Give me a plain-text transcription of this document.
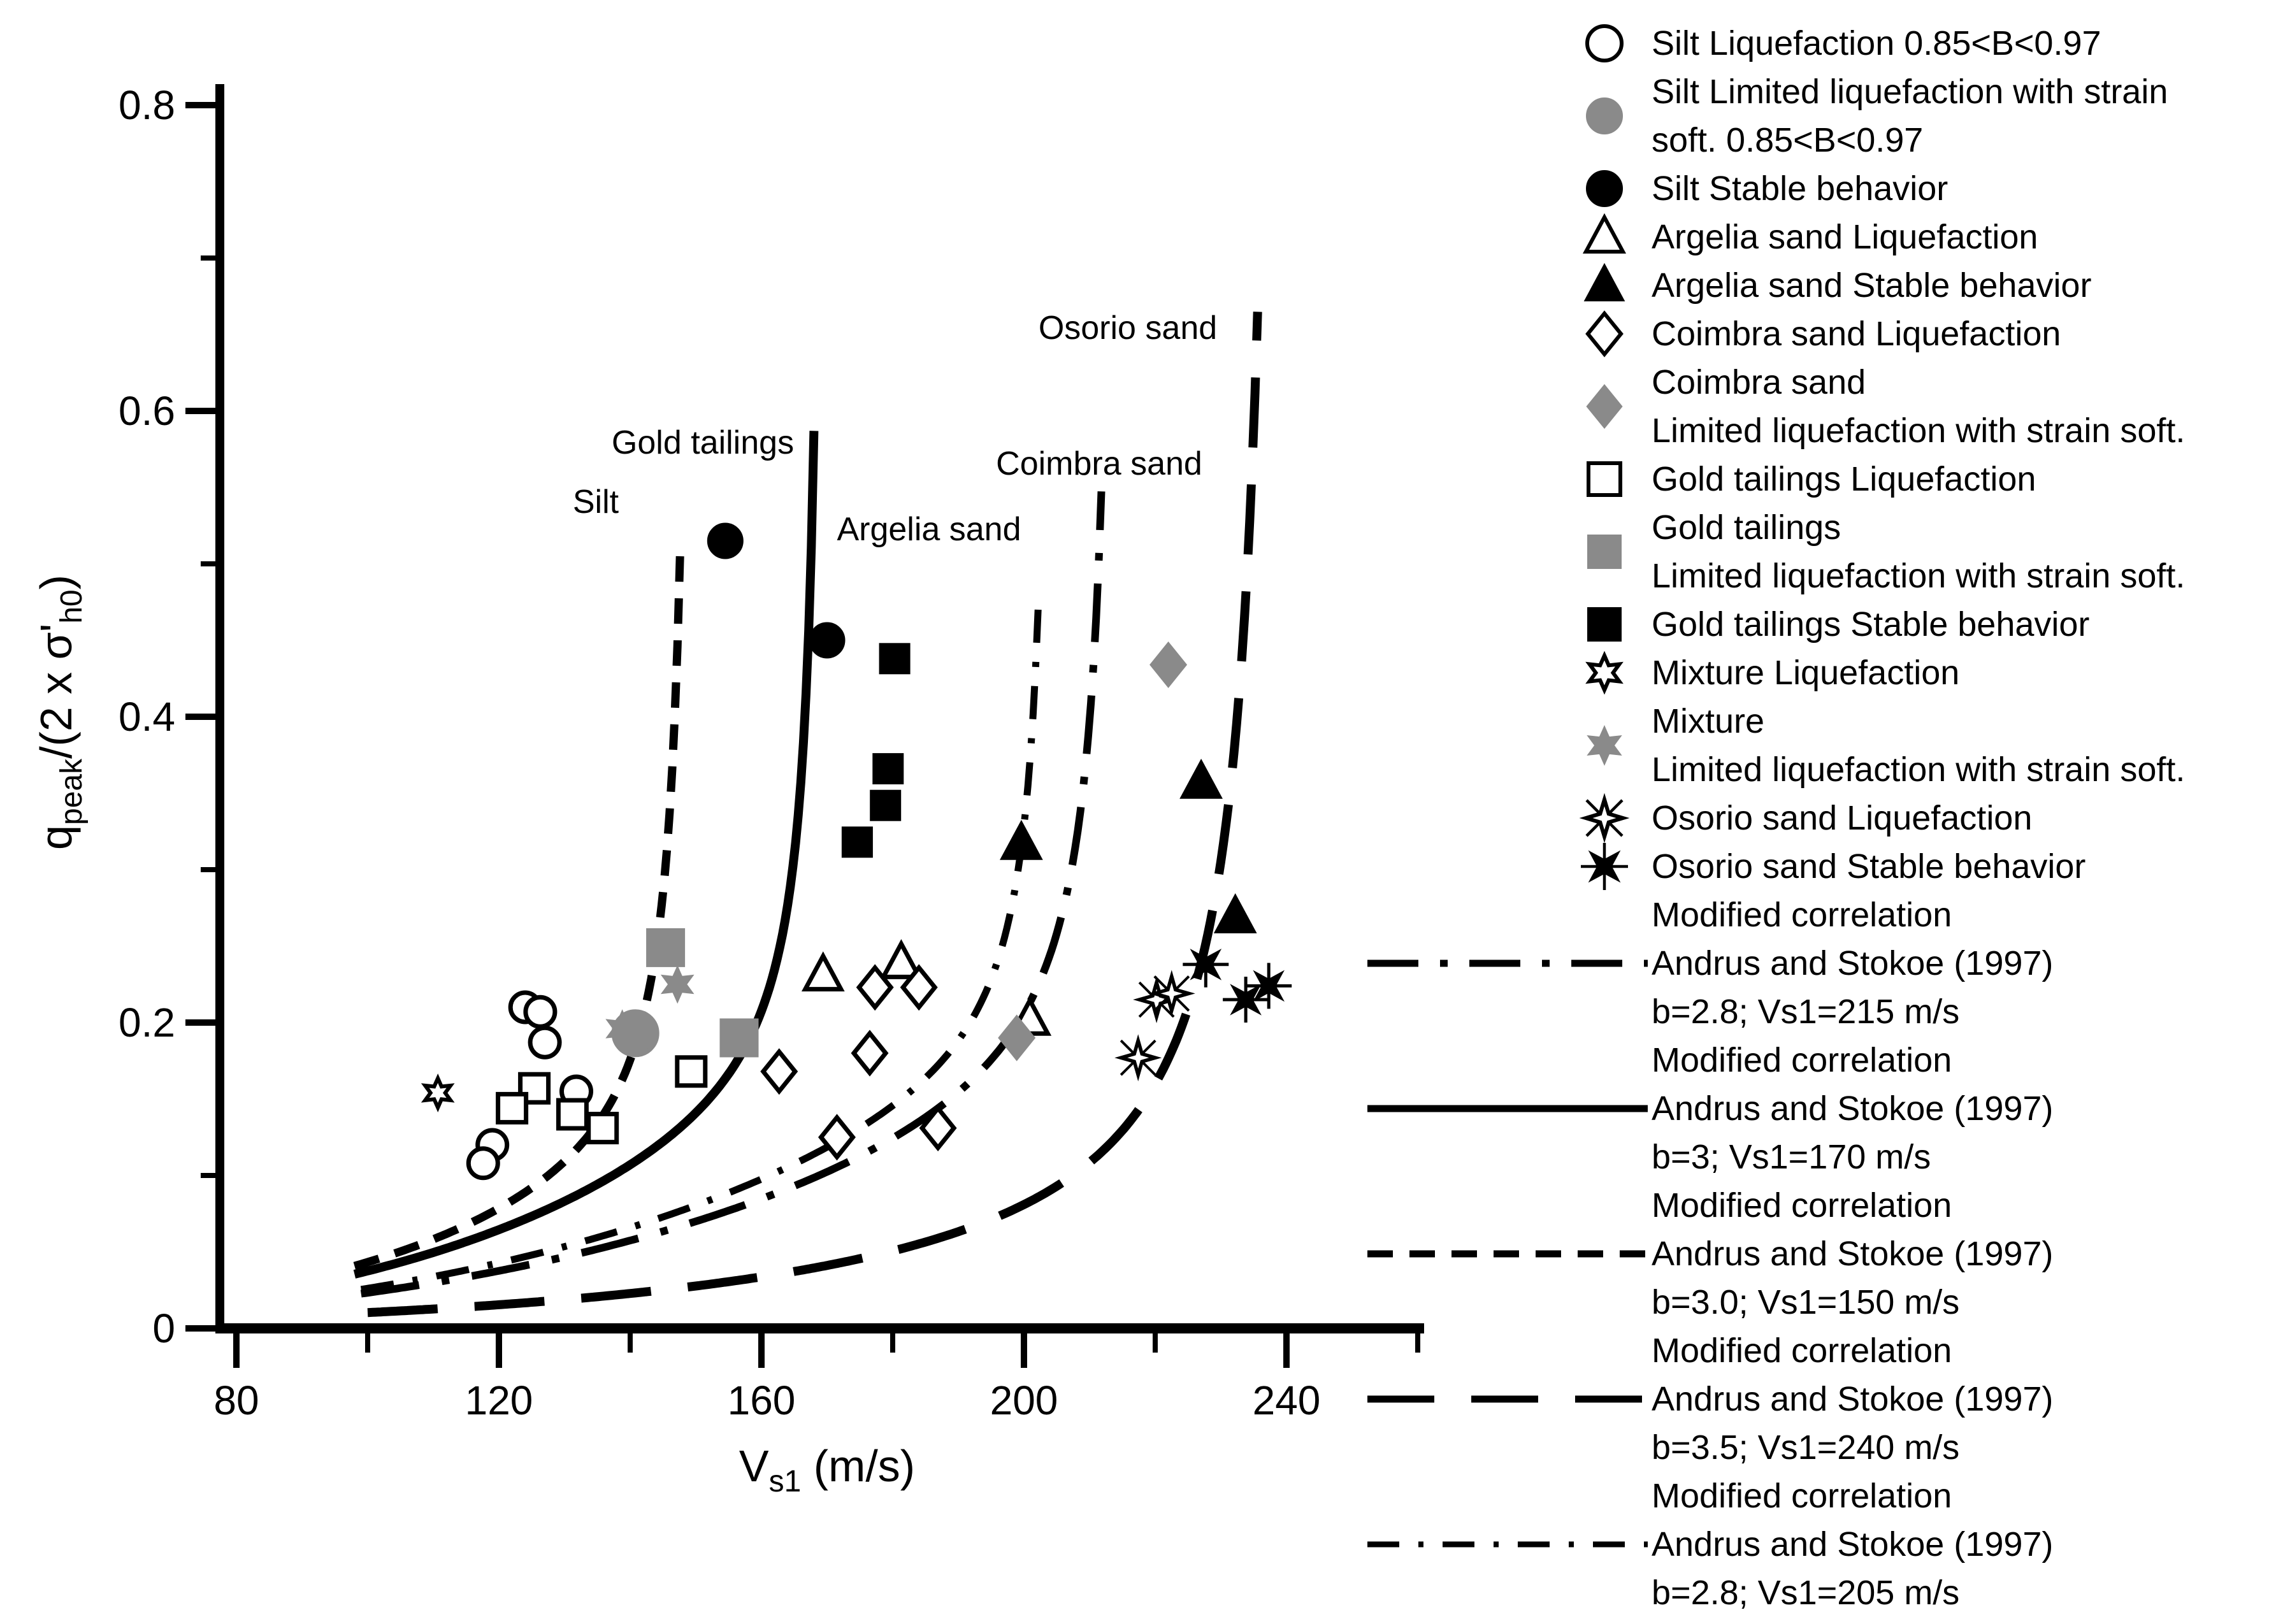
0
0.2
0.4
0.6
0.8
80	120	160	200	240
$V_{s1}$ (m/s)
$q_{peak}/(2$ x $\sigma'_{h0}$)
Silt
Gold tailings
Argelia sand
Coimbra sand
Osorio sand
Silt Liquefaction 0.85<B<0.97
Silt Limited liquefaction with strain
soft. 0.85<B<0.97
Silt Stable behavior
Argelia sand Liquefaction
Argelia sand Stable behavior
Coimbra sand Liquefaction
Coimbra sand
Limited liquefaction with strain soft.
Gold tailings Liquefaction
Gold tailings
Limited liquefaction with strain soft.
Gold tailings Stable behavior
Mixture Liquefaction
Mixture
Limited liquefaction with strain soft.
Osorio sand Liquefaction
Osorio sand Stable behavior
Modified correlation
Andrus and Stokoe (1997)
b=2.8; Vs1=215 m/s
Modified correlation
Andrus and Stokoe (1997)
b=3; Vs1=170 m/s
Modified correlation
Andrus and Stokoe (1997)
b=3.0; Vs1=150 m/s
Modified correlation
Andrus and Stokoe (1997)
b=3.5; Vs1=240 m/s
Modified correlation
Andrus and Stokoe (1997)
b=2.8; Vs1=205 m/s
